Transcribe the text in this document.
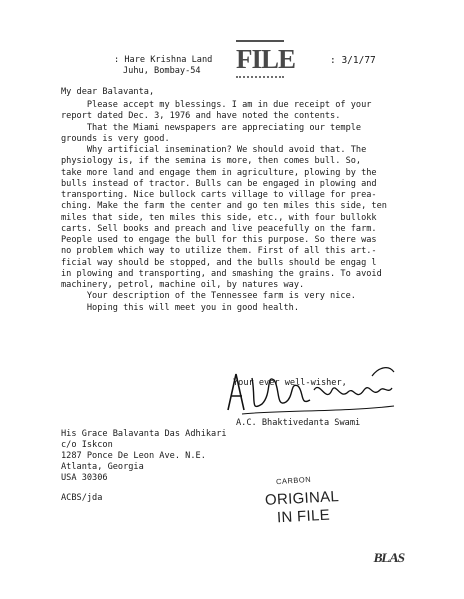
: Hare Krishna Land
Juhu, Bombay-54 FILE	: 3/1/77
My dear Balavanta,
Please accept my blessings. I am in due receipt of your
report dated Dec. 3, 1976 and have noted the contents.
That the Miami newspapers are appreciating our temple
grounds is very good.
Why artificial insemination? We should avoid that. The
physiology is, if the semina is more, then comes bull. So,
take more land and engage them in agriculture, plowing by the
bulls instead of tractor. Bulls can be engaged in plowing and
transporting. Nice bullock carts village to village for prea-
ching. Make the farm the center and go ten miles this side, ten
miles that side, ten miles this side, etc., with four bullokk
carts. Sell books and preach and live peacefully on the farm.
People used to engage the bull for this purpose. So there was
no problem which way to utilize them. First of all this art.-
ficial way should be stopped, and the bulls should be engag l
in plowing and transporting, and smashing the grains. To avoid
machinery, petrol, machine oil, by natures way.
Your description of the Tennessee farm is very nice.
Hoping this will meet you in good health.
Your ever well-wisher,
A.C. Bhaktivedanta Swami
His Grace Balavanta Das Adhikari
c/o Iskcon
1287 Ponce De Leon Ave. N.E.
Atlanta, Georgia
USA 30306
ACBS/jda
CARBON
ORIGINAL
IN FILE
BLAS
